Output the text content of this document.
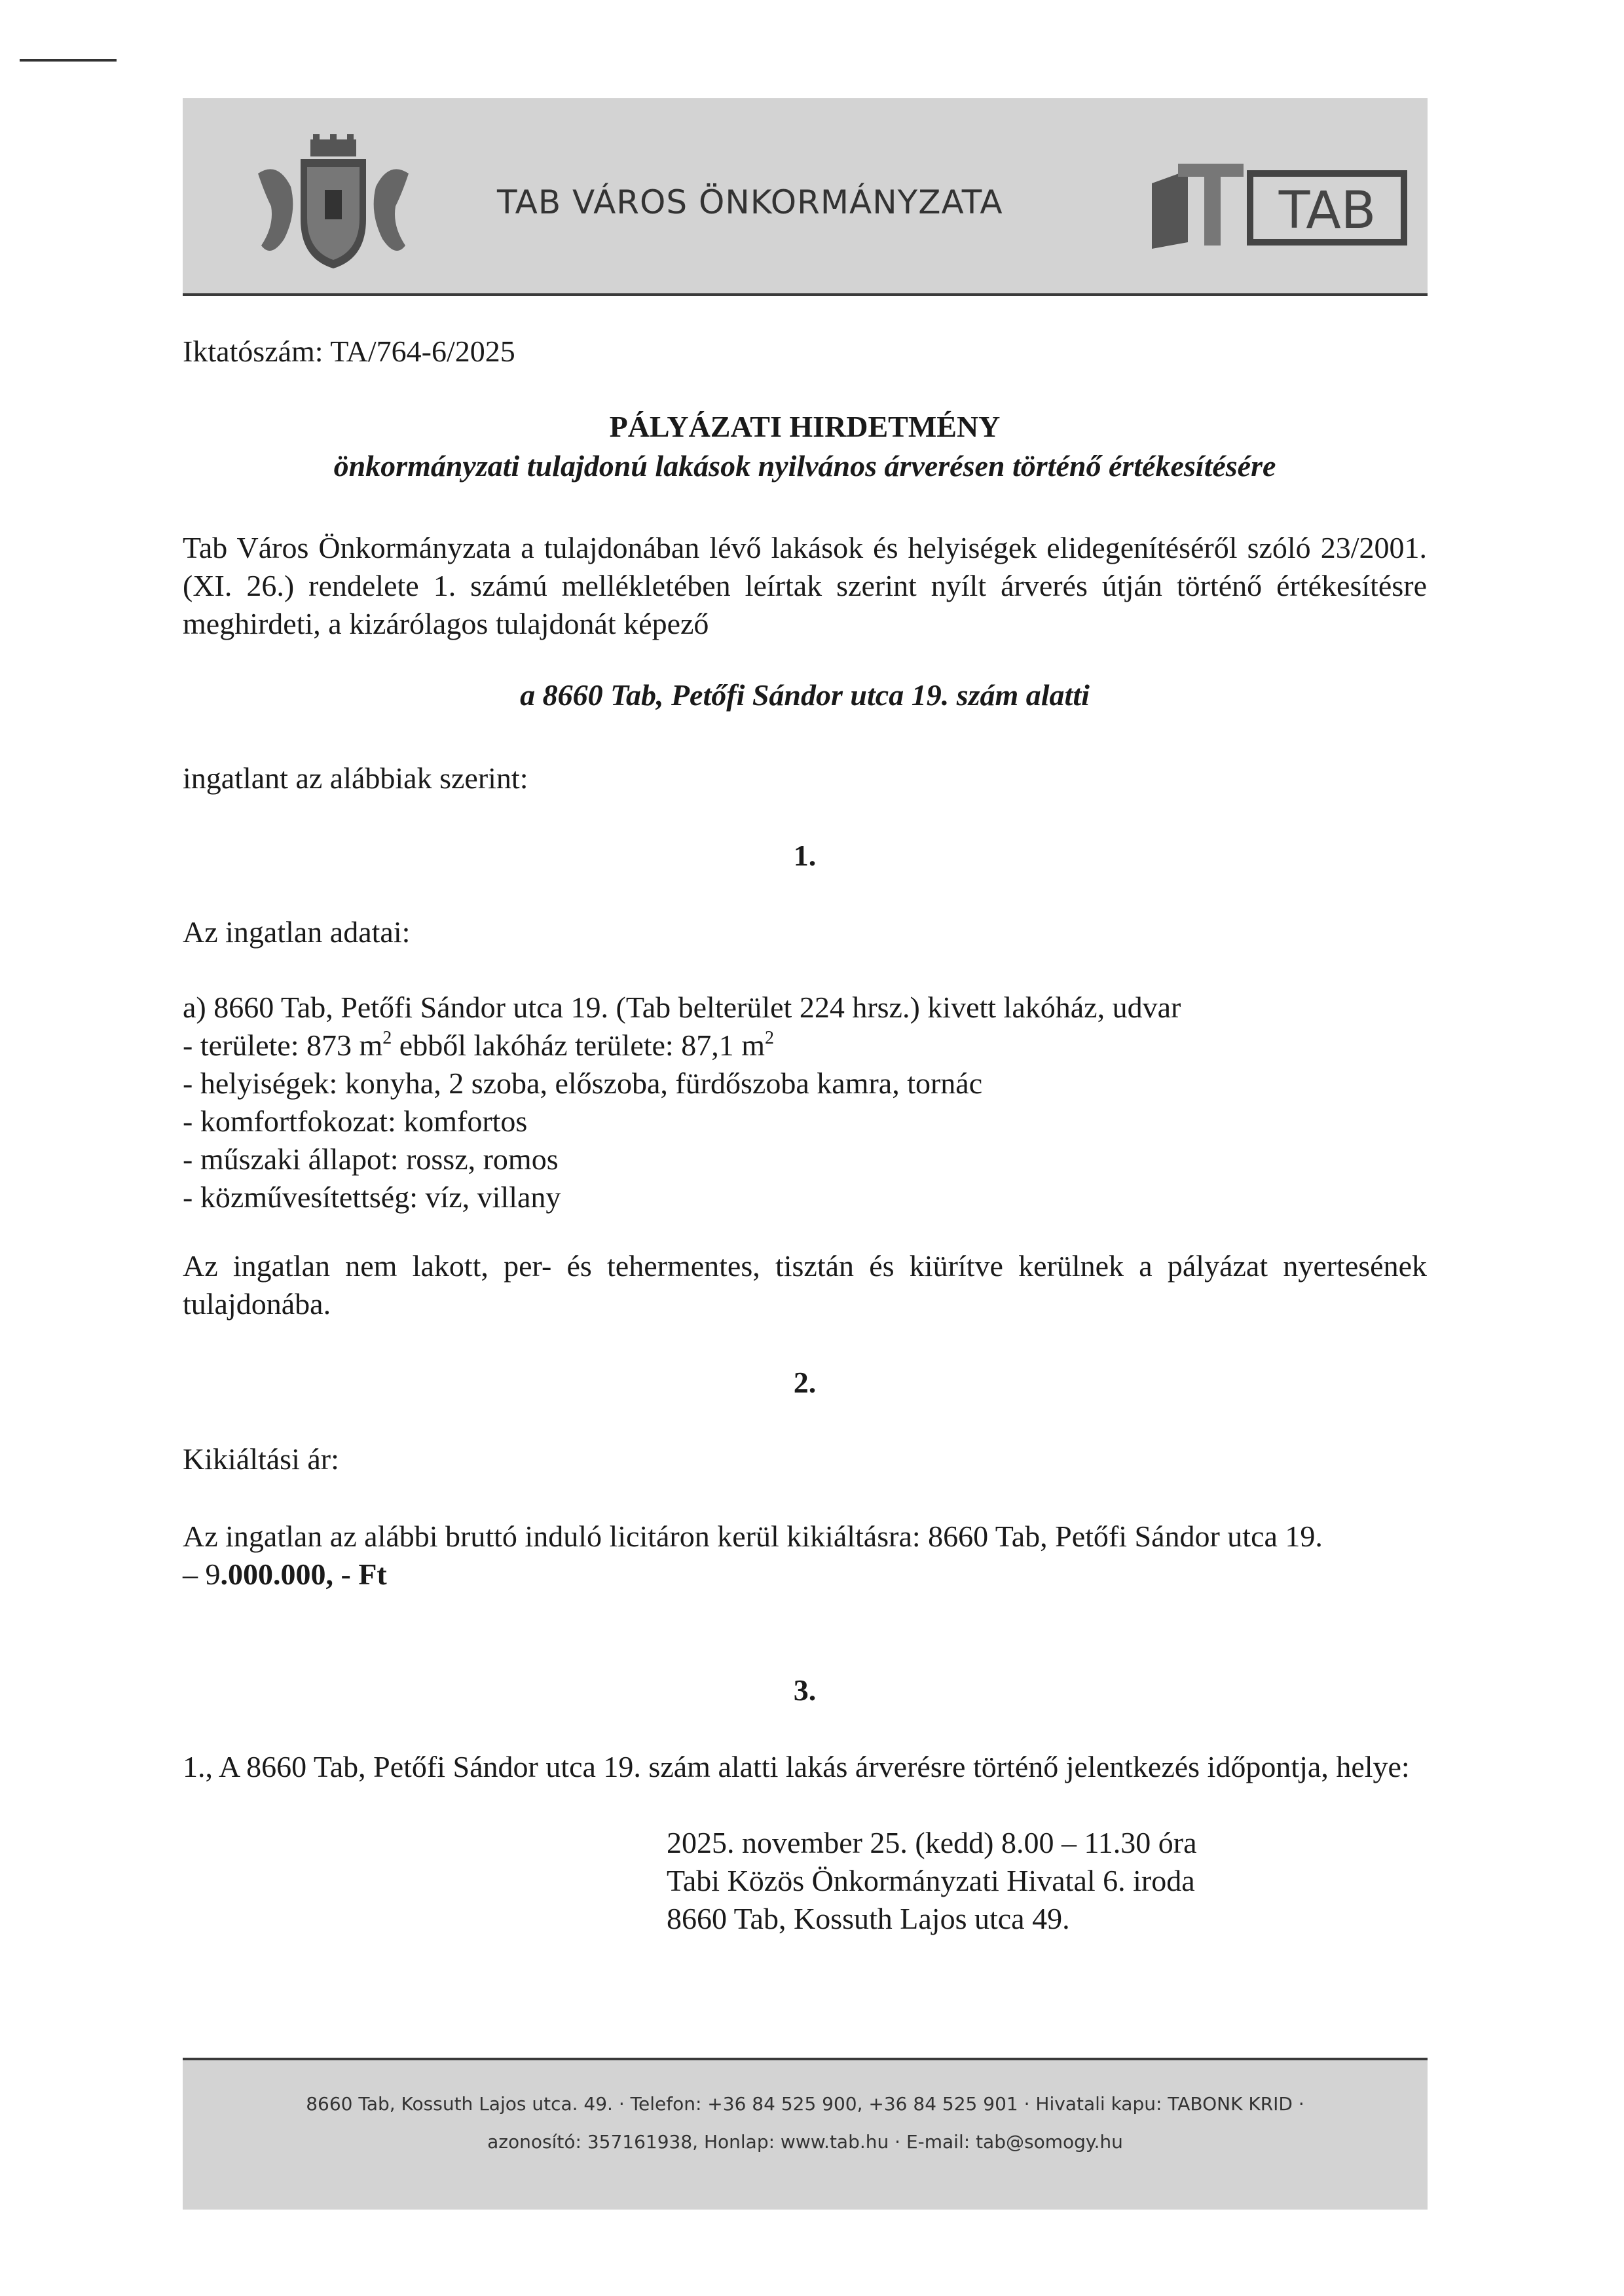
TAB VÁROS ÖNKORMÁNYZATA	TAB
Iktatószám: TA/764-6/2025
PÁLYÁZATI HIRDETMÉNY
önkormányzati tulajdonú lakások nyilvános árverésen történő értékesítésére
Tab Város Önkormányzata a tulajdonában lévő lakások és helyiségek elidegenítéséről szóló 23/2001. (XI. 26.) rendelete 1. számú mellékletében leírtak szerint nyílt árverés útján történő értékesítésre meghirdeti, a kizárólagos tulajdonát képező
a 8660 Tab, Petőfi Sándor utca 19. szám alatti
ingatlant az alábbiak szerint:
1.
Az ingatlan adatai:
a) 8660 Tab, Petőfi Sándor utca 19. (Tab belterület 224 hrsz.) kivett lakóház, udvar
- területe: 873 $m^2$ ebből lakóház területe: 87,1 $m^2$
- helyiségek: konyha, 2 szoba, előszoba, fürdőszoba kamra, tornác
- komfortfokozat: komfortos
- műszaki állapot: rossz, romos
- közművesítettség: víz, villany
Az ingatlan nem lakott, per- és tehermentes, tisztán és kiürítve kerülnek a pályázat nyertesének tulajdonába.
2.
Kikiáltási ár:
Az ingatlan az alábbi bruttó induló licitáron kerül kikiáltásra: 8660 Tab, Petőfi Sándor utca 19.
– 9.000.000, - Ft
3.
1., A 8660 Tab, Petőfi Sándor utca 19. szám alatti lakás árverésre történő jelentkezés időpontja, helye:
2025. november 25. (kedd) 8.00 – 11.30 óra
Tabi Közös Önkormányzati Hivatal 6. iroda
8660 Tab, Kossuth Lajos utca 49.
8660 Tab, Kossuth Lajos utca. 49. · Telefon: +36 84 525 900, +36 84 525 901 · Hivatali kapu: TABONK KRID ·
azonosító: 357161938, Honlap: www.tab.hu · E-mail: tab@somogy.hu
